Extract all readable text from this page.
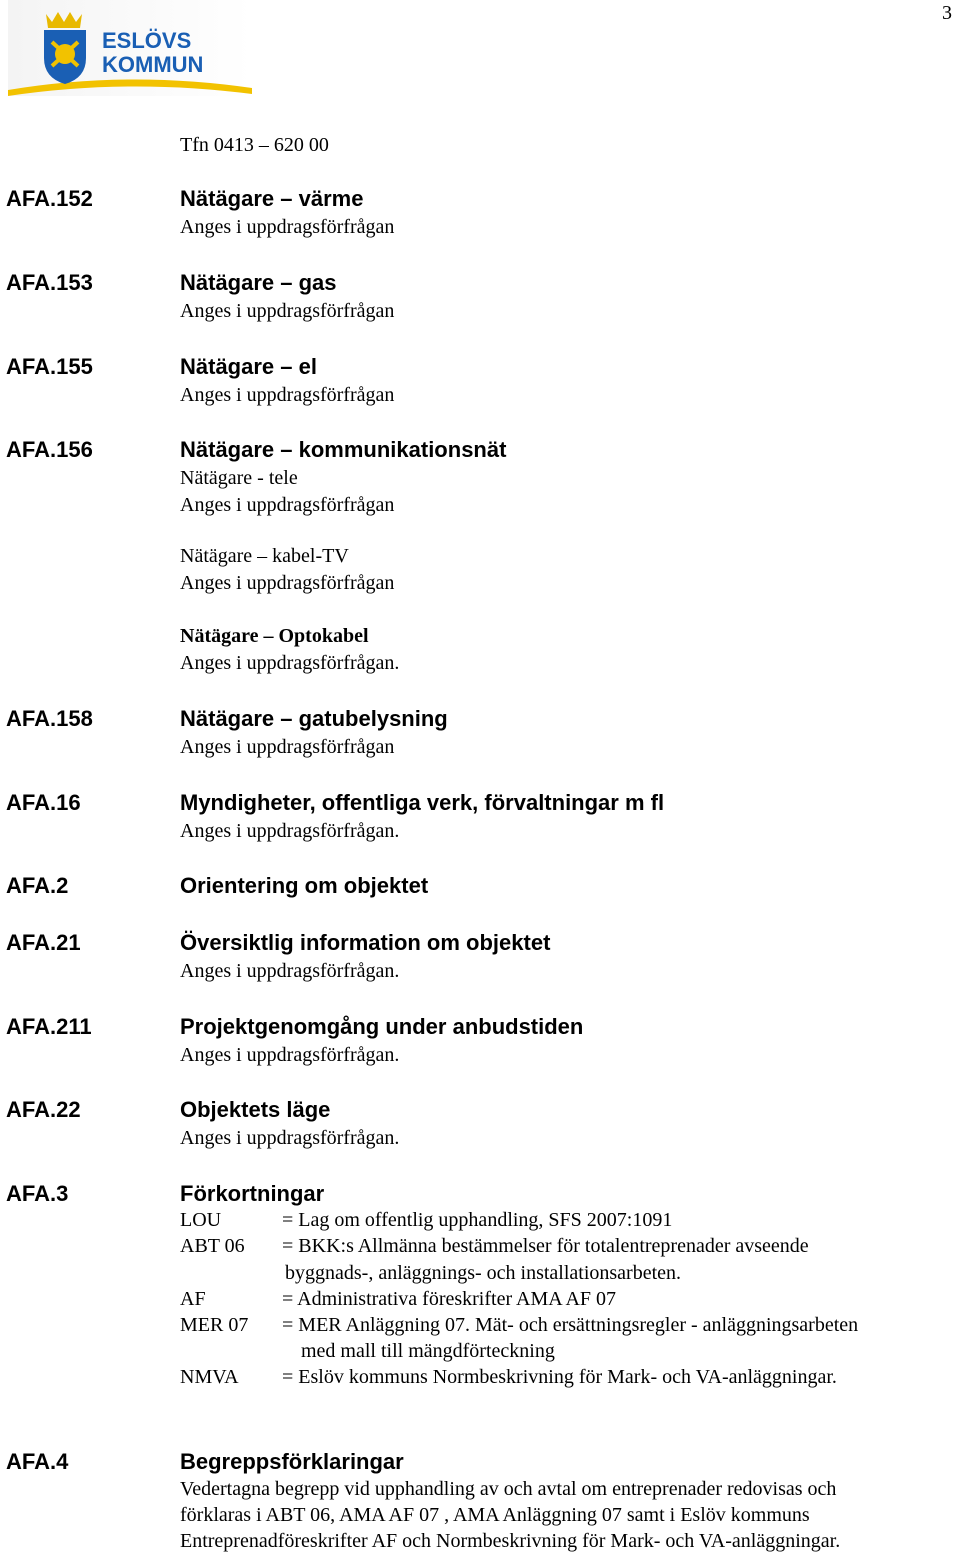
3
ESLÖVS
KOMMUN
Tfn 0413 – 620 00
AFA.152	Nätägare – värme
Anges i uppdragsförfrågan
AFA.153	Nätägare – gas
Anges i uppdragsförfrågan
AFA.155	Nätägare – el
Anges i uppdragsförfrågan
AFA.156	Nätägare – kommunikationsnät
Nätägare - tele
Anges i uppdragsförfrågan
Nätägare – kabel-TV
Anges i uppdragsförfrågan
Nätägare – Optokabel
Anges i uppdragsförfrågan.
AFA.158	Nätägare – gatubelysning
Anges i uppdragsförfrågan
AFA.16	Myndigheter, offentliga verk, förvaltningar m fl
Anges i uppdragsförfrågan.
AFA.2	Orientering om objektet
AFA.21	Översiktlig information om objektet
Anges i uppdragsförfrågan.
AFA.211	Projektgenomgång under anbudstiden
Anges i uppdragsförfrågan.
AFA.22	Objektets läge
Anges i uppdragsförfrågan.
AFA.3	Förkortningar
LOU	= Lag om offentlig upphandling, SFS 2007:1091
ABT 06 = BKK:s Allmänna bestämmelser för totalentreprenader avseende
byggnads-, anläggnings- och installationsarbeten.
AF	= Administrativa föreskrifter AMA AF 07
MER 07 = MER Anläggning 07. Mät- och ersättningsregler - anläggningsarbeten
med mall till mängdförteckning
NMVA = Eslöv kommuns Normbeskrivning för Mark- och VA-anläggningar.
AFA.4	Begreppsförklaringar
Vedertagna begrepp vid upphandling av och avtal om entreprenader redovisas och
förklaras i ABT 06, AMA AF 07 , AMA Anläggning 07 samt i Eslöv kommuns
Entreprenadföreskrifter AF och Normbeskrivning för Mark- och VA-anläggningar.
